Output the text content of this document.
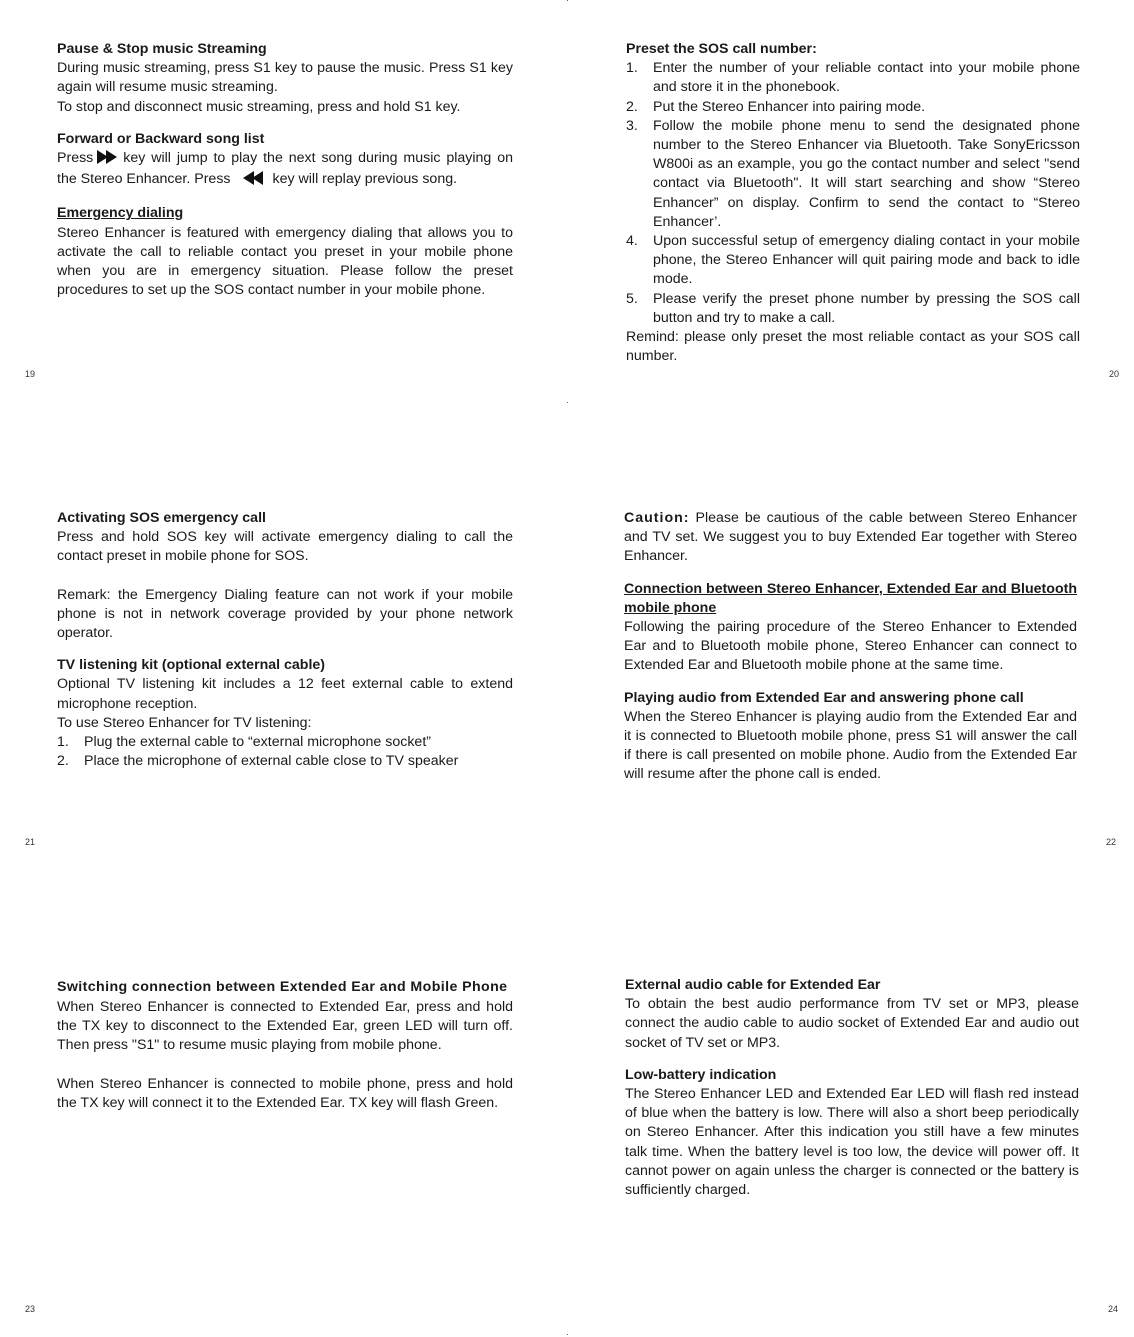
Pause & Stop music Streaming

During music streaming, press S1 key to pause the music. Press S1 key again will resume music streaming.

To stop and disconnect music streaming, press and hold S1 key.

Forward or Backward song list

Press key will jump to play the next song during music playing on the Stereo Enhancer. Press	key will replay previous song.

Emergency dialing

Stereo Enhancer is featured with emergency dialing that allows you to activate the call to reliable contact you preset in your mobile phone when you are in emergency situation. Please follow the preset procedures to set up the SOS contact number in your mobile phone.

19

Preset the SOS call number:

1. Enter the number of your reliable contact into your mobile phone and store it in the phonebook.
2. Put the Stereo Enhancer into pairing mode.
3. Follow the mobile phone menu to send the designated phone number to the Stereo Enhancer via Bluetooth. Take SonyEricsson W800i as an example, you go the contact number and select "send contact via Bluetooth". It will start searching and show “Stereo Enhancer” on display. Confirm to send the contact to “Stereo Enhancer’.
4. Upon successful setup of emergency dialing contact in your mobile phone, the Stereo Enhancer will quit pairing mode and back to idle mode.
5. Please verify the preset phone number by pressing the SOS call button and try to make a call.

Remind: please only preset the most reliable contact as your SOS call number.

20

Activating SOS emergency call

Press and hold SOS key will activate emergency dialing to call the contact preset in mobile phone for SOS.

Remark: the Emergency Dialing feature can not work if your mobile phone is not in network coverage provided by your phone network operator.

TV listening kit (optional external cable)

Optional TV listening kit includes a 12 feet external cable to extend microphone reception.

To use Stereo Enhancer for TV listening:

1. Plug the external cable to “external microphone socket”
2. Place the microphone of external cable close to TV speaker
21

Caution: Please be cautious of the cable between Stereo Enhancer and TV set. We suggest you to buy Extended Ear together with Stereo Enhancer.

Connection between Stereo Enhancer, Extended Ear and Bluetooth mobile phone

Following the pairing procedure of the Stereo Enhancer to Extended Ear and to Bluetooth mobile phone, Stereo Enhancer can connect to Extended Ear and Bluetooth mobile phone at the same time.

Playing audio from Extended Ear and answering phone call

When the Stereo Enhancer is playing audio from the Extended Ear and it is connected to Bluetooth mobile phone, press S1 will answer the call if there is call presented on mobile phone. Audio from the Extended Ear will resume after the phone call is ended.

22

Switching connection between Extended Ear and Mobile Phone

When Stereo Enhancer is connected to Extended Ear, press and hold the TX key to disconnect to the Extended Ear, green LED will turn off. Then press "S1" to resume music playing from mobile phone.

When Stereo Enhancer is connected to mobile phone, press and hold the TX key will connect it to the Extended Ear. TX key will flash Green.

23

External audio cable for Extended Ear

To obtain the best audio performance from TV set or MP3, please connect the audio cable to audio socket of Extended Ear and audio out socket of TV set or MP3.

Low-battery indication

The Stereo Enhancer LED and Extended Ear LED will flash red instead of blue when the battery is low. There will also a short beep periodically on Stereo Enhancer. After this indication you still have a few minutes talk time. When the battery level is too low, the device will power off. It cannot power on again unless the charger is connected or the battery is sufficiently charged.

24
